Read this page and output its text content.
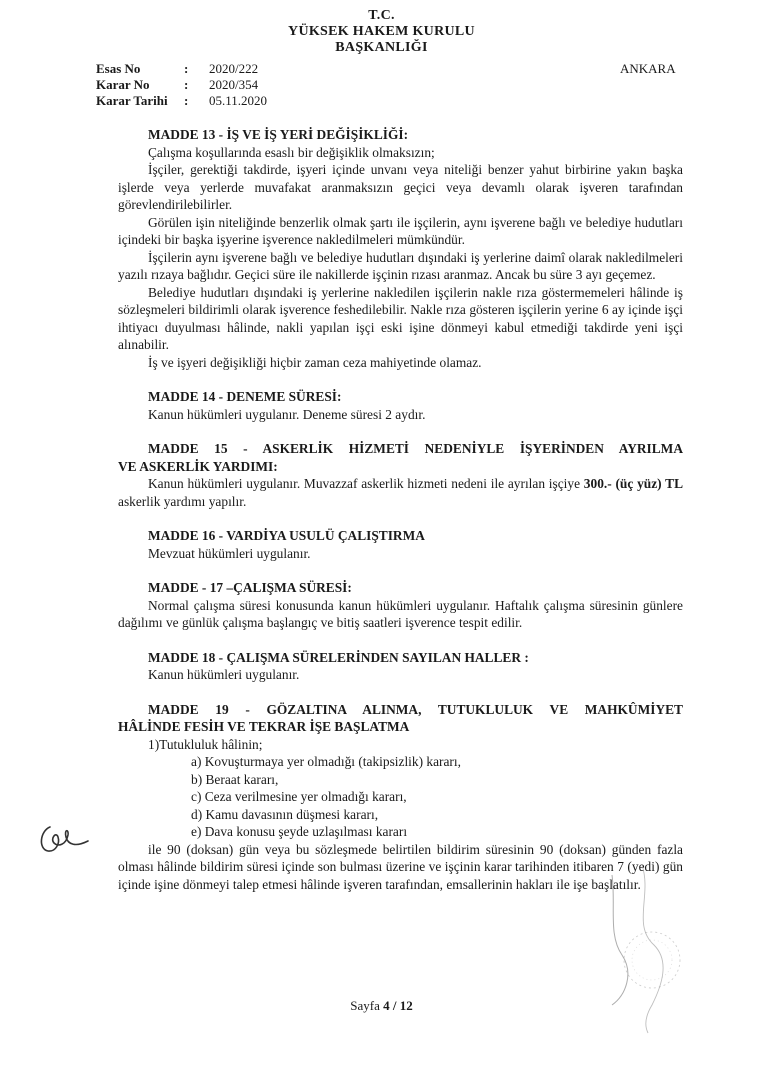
T.C.
YÜKSEK HAKEM KURULU
BAŞKANLIĞI
Esas No	:	2020/222
Karar No	:	2020/354
Karar Tarihi	:	05.11.2020
ANKARA
MADDE 13 - İŞ VE İŞ YERİ DEĞİŞİKLİĞİ:
Çalışma koşullarında esaslı bir değişiklik olmaksızın;
İşçiler, gerektiği takdirde, işyeri içinde unvanı veya niteliği benzer yahut birbirine yakın başka işlerde veya yerlerde muvafakat aranmaksızın geçici veya devamlı olarak işveren tarafından görevlendirilebilirler.
Görülen işin niteliğinde benzerlik olmak şartı ile işçilerin, aynı işverene bağlı ve belediye hudutları içindeki bir başka işyerine işverence nakledilmeleri mümkündür.
İşçilerin aynı işverene bağlı ve belediye hudutları dışındaki iş yerlerine daimî olarak nakledilmeleri yazılı rızaya bağlıdır. Geçici süre ile nakillerde işçinin rızası aranmaz. Ancak bu süre 3 ayı geçemez.
Belediye hudutları dışındaki iş yerlerine nakledilen işçilerin nakle rıza göstermemeleri hâlinde iş sözleşmeleri bildirimli olarak işverence feshedilebilir. Nakle rıza gösteren işçilerin yerine 6 ay içinde işçi ihtiyacı duyulması hâlinde, nakli yapılan işçi eski işine dönmeyi kabul etmediği takdirde yeni işçi alınabilir.
İş ve işyeri değişikliği hiçbir zaman ceza mahiyetinde olamaz.
MADDE 14 - DENEME SÜRESİ:
Kanun hükümleri uygulanır. Deneme süresi 2 aydır.
MADDE 15 - ASKERLİK HİZMETİ NEDENİYLE İŞYERİNDEN AYRILMA
VE ASKERLİK YARDIMI:
Kanun hükümleri uygulanır. Muvazzaf askerlik hizmeti nedeni ile ayrılan işçiye 300.- (üç yüz) TL askerlik yardımı yapılır.
MADDE 16 - VARDİYA USULÜ ÇALIŞTIRMA
Mevzuat hükümleri uygulanır.
MADDE - 17 –ÇALIŞMA SÜRESİ:
Normal çalışma süresi konusunda kanun hükümleri uygulanır. Haftalık çalışma süresinin günlere dağılımı ve günlük çalışma başlangıç ve bitiş saatleri işverence tespit edilir.
MADDE 18 - ÇALIŞMA SÜRELERİNDEN SAYILAN HALLER :
Kanun hükümleri uygulanır.
MADDE 19 - GÖZALTINA ALINMA, TUTUKLULUK VE MAHKÛMİYET
HÂLİNDE FESİH VE TEKRAR İŞE BAŞLATMA
1)Tutukluluk hâlinin;
a) Kovuşturmaya yer olmadığı (takipsizlik) kararı,
b) Beraat kararı,
c) Ceza verilmesine yer olmadığı kararı,
d) Kamu davasının düşmesi kararı,
e) Dava konusu şeyde uzlaşılması kararı
ile 90 (doksan) gün veya bu sözleşmede belirtilen bildirim süresinin 90 (doksan) günden fazla olması hâlinde bildirim süresi içinde son bulması üzerine ve işçinin karar tarihinden itibaren 7 (yedi) gün içinde işine dönmeyi talep etmesi hâlinde işveren tarafından, emsallerinin hakları ile işe başlatılır.
Sayfa 4 / 12
